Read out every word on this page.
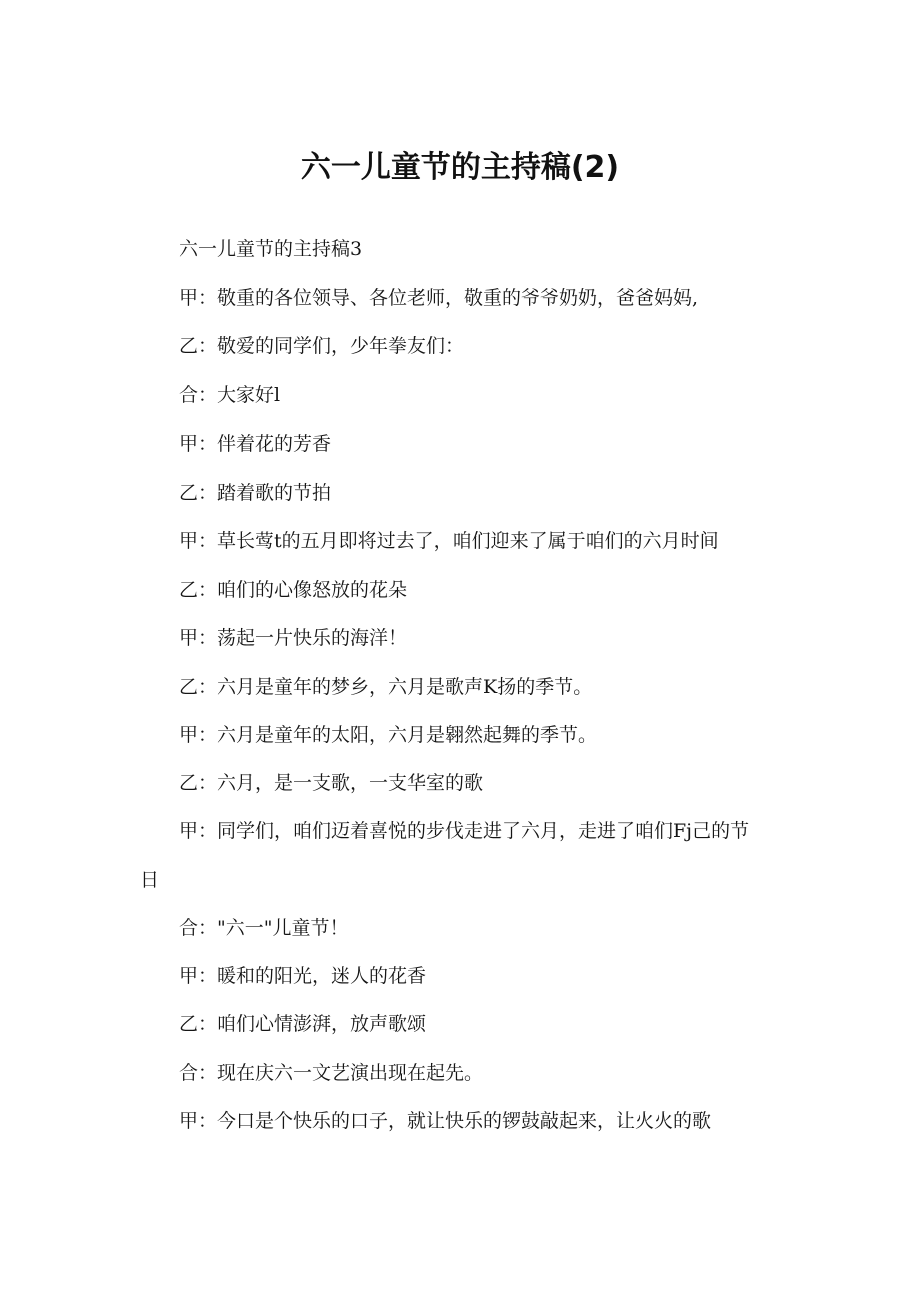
六一儿童节的主持稿(2)
六一儿童节的主持稿3
甲：敬重的各位领导、各位老师，敬重的爷爷奶奶，爸爸妈妈,
乙：敬爱的同学们，少年拳友们：
合：大家好l
甲：伴着花的芳香
乙：踏着歌的节拍
甲：草长莺t的五月即将过去了，咱们迎来了属于咱们的六月时间
乙：咱们的心像怒放的花朵
甲：荡起一片快乐的海洋！
乙：六月是童年的梦乡，六月是歌声K扬的季节。
甲：六月是童年的太阳，六月是翱然起舞的季节。
乙：六月，是一支歌，一支华室的歌
甲：同学们，咱们迈着喜悦的步伐走进了六月，走进了咱们Fj己的节
日
合："六一"儿童节！
甲：暖和的阳光，迷人的花香
乙：咱们心情澎湃，放声歌颂
合：现在庆六一文艺演出现在起先。
甲：今口是个快乐的口子，就让快乐的锣鼓敲起来，让火火的歌
